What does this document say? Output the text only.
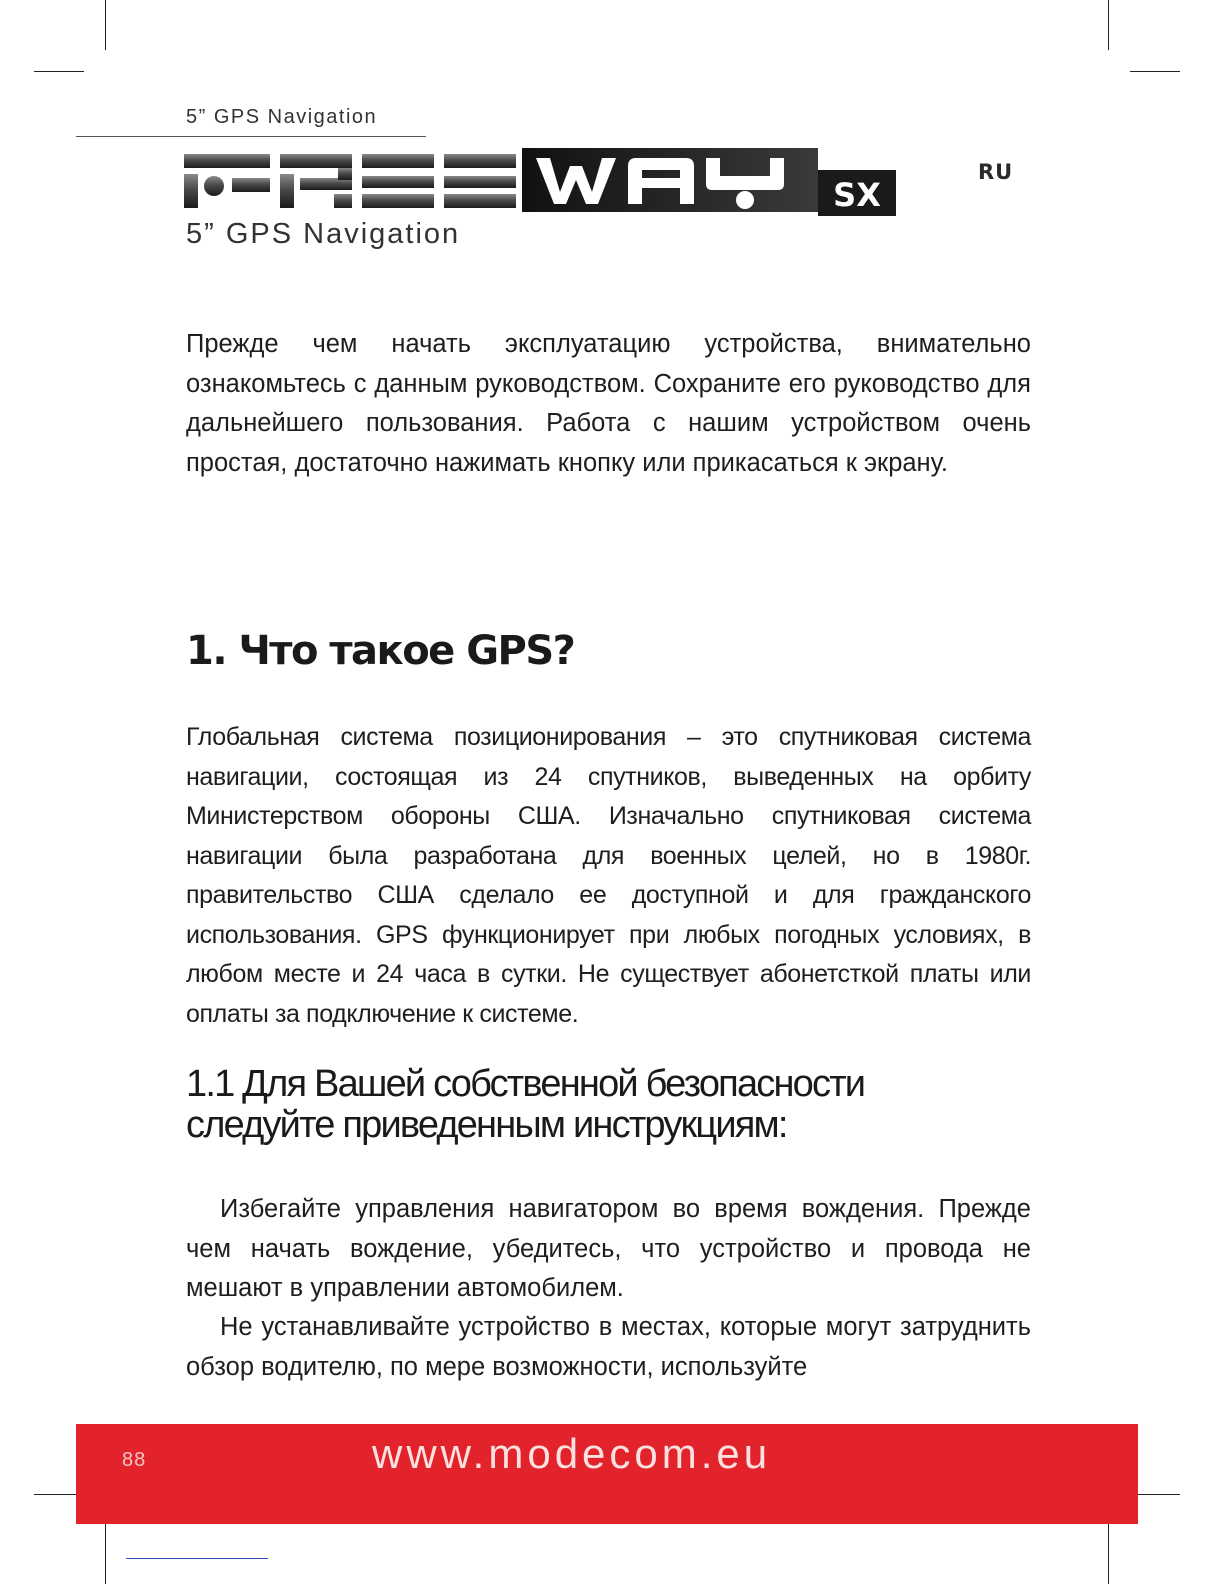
5” GPS Navigation
SX
FREEWAY
RU
5” GPS Navigation

Прежде чем начать эксплуатацию устройства, внимательно ознакомьтесь с данным руководством. Сохраните его руководство для дальнейшего пользования. Работа с нашим устройством очень простая, достаточно нажимать кнопку или прикасаться к экрану.

1. Что такое GPS?

Глобальная система позиционирования – это спутниковая система навигации, состоящая из 24 спутников, выведенных на орбиту Министерством обороны США. Изначально спутниковая система навигации была разработана для военных целей, но в 1980г. правительство США сделало ее доступной и для гражданского использования. GPS функционирует при любых погодных условиях, в любом месте и 24 часа в сутки. Не существует абонетсткой платы или оплаты за подключение к системе.

1.1 Для Вашей собственной безопасности
следуйте приведенным инструкциям:

Избегайте управления навигатором во время вождения. Прежде чем начать вождение, убедитесь, что устройство и провода не мешают в управлении автомобилем.

Не устанавливайте устройство в местах, которые могут затруднить обзор водителю, по мере возможности, используйте

88	www.modecom.eu
